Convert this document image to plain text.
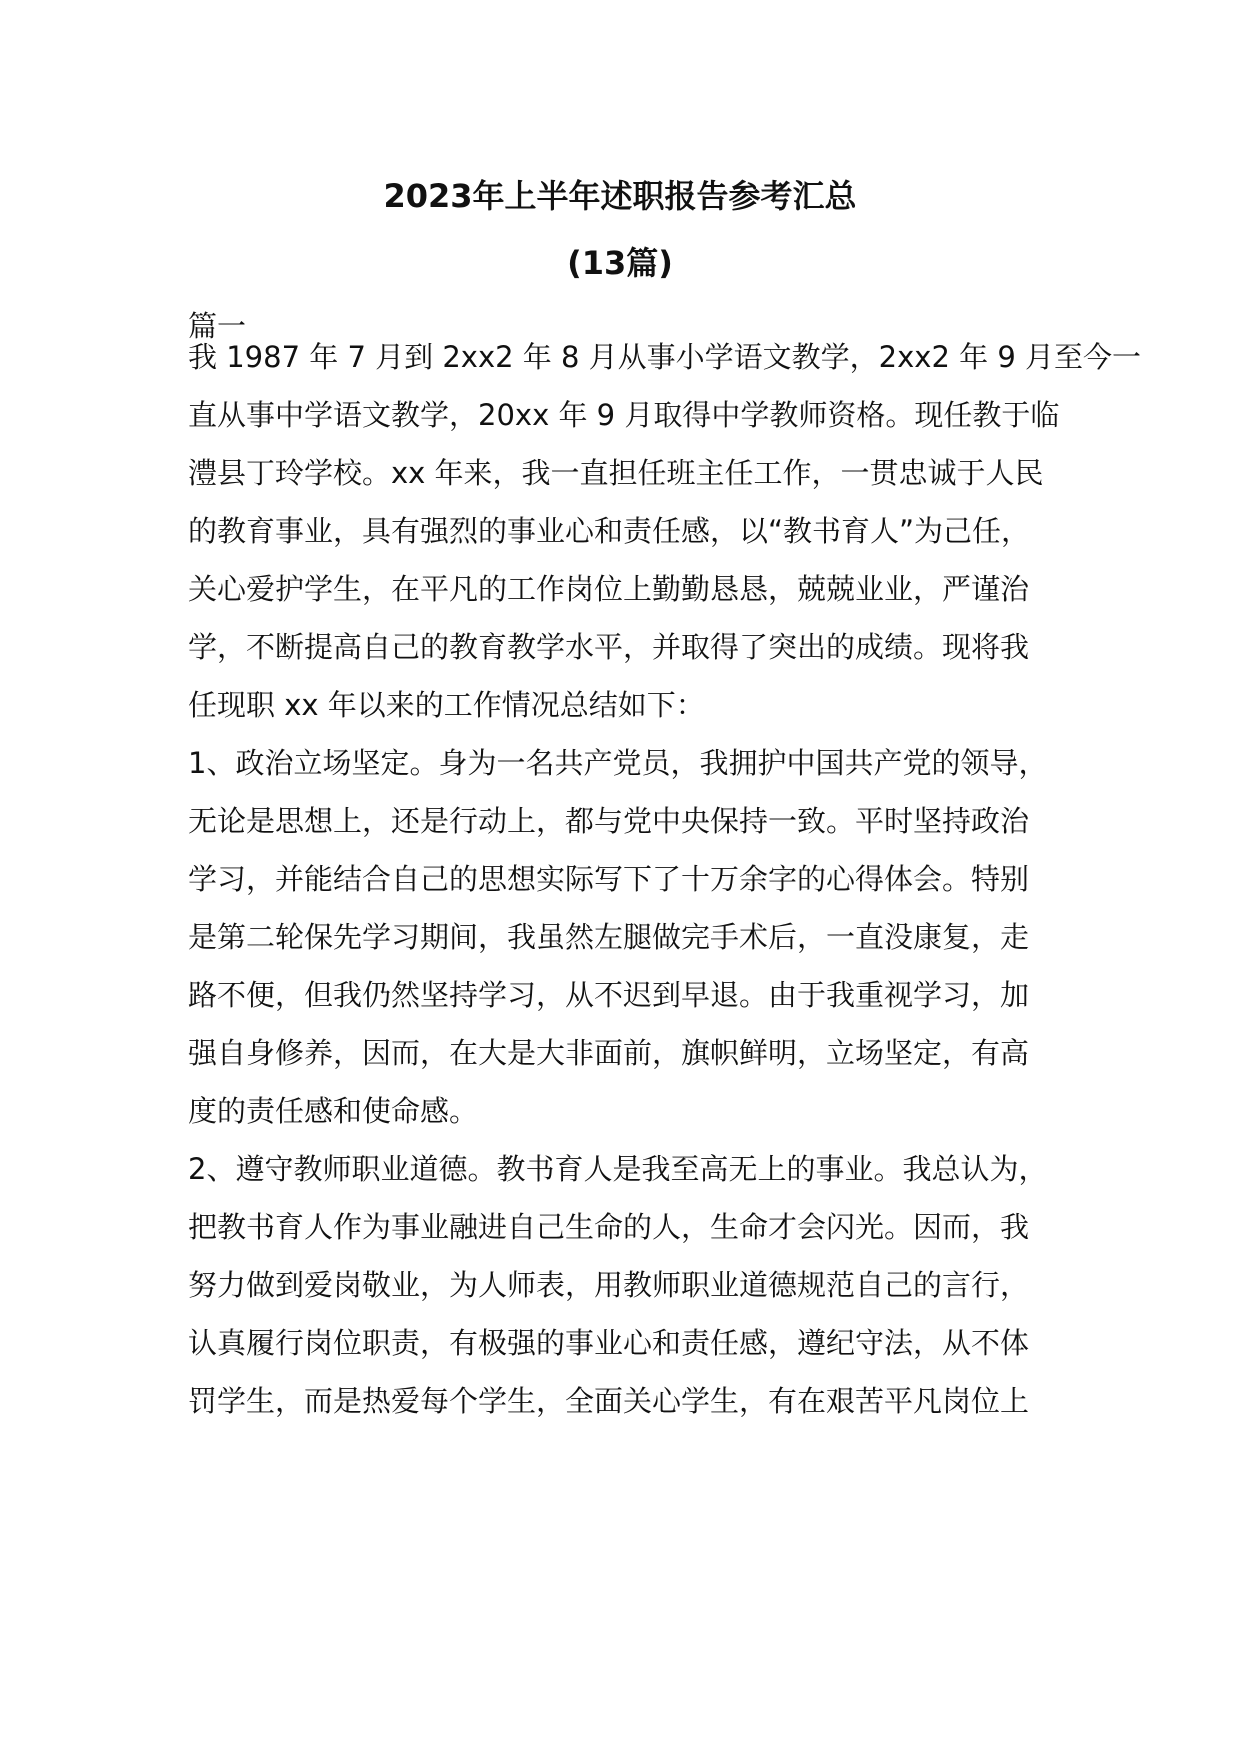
2023年上半年述职报告参考汇总
(13篇)

篇一

我 1987 年 7 月到 2xx2 年 8 月从事小学语文教学，2xx2 年 9 月至今一

直从事中学语文教学，20xx 年 9 月取得中学教师资格。现任教于临

澧县丁玲学校。xx 年来，我一直担任班主任工作，一贯忠诚于人民

的教育事业，具有强烈的事业心和责任感，以“教书育人”为己任，

关心爱护学生，在平凡的工作岗位上勤勤恳恳，兢兢业业，严谨治

学，不断提高自己的教育教学水平，并取得了突出的成绩。现将我

任现职 xx 年以来的工作情况总结如下：

1、政治立场坚定。身为一名共产党员，我拥护中国共产党的领导，

无论是思想上，还是行动上，都与党中央保持一致。平时坚持政治

学习，并能结合自己的思想实际写下了十万余字的心得体会。特别

是第二轮保先学习期间，我虽然左腿做完手术后，一直没康复，走

路不便，但我仍然坚持学习，从不迟到早退。由于我重视学习，加

强自身修养，因而，在大是大非面前，旗帜鲜明，立场坚定，有高

度的责任感和使命感。

2、遵守教师职业道德。教书育人是我至高无上的事业。我总认为，

把教书育人作为事业融进自己生命的人，生命才会闪光。因而，我

努力做到爱岗敬业，为人师表，用教师职业道德规范自己的言行，

认真履行岗位职责，有极强的事业心和责任感，遵纪守法，从不体

罚学生，而是热爱每个学生，全面关心学生，有在艰苦平凡岗位上
